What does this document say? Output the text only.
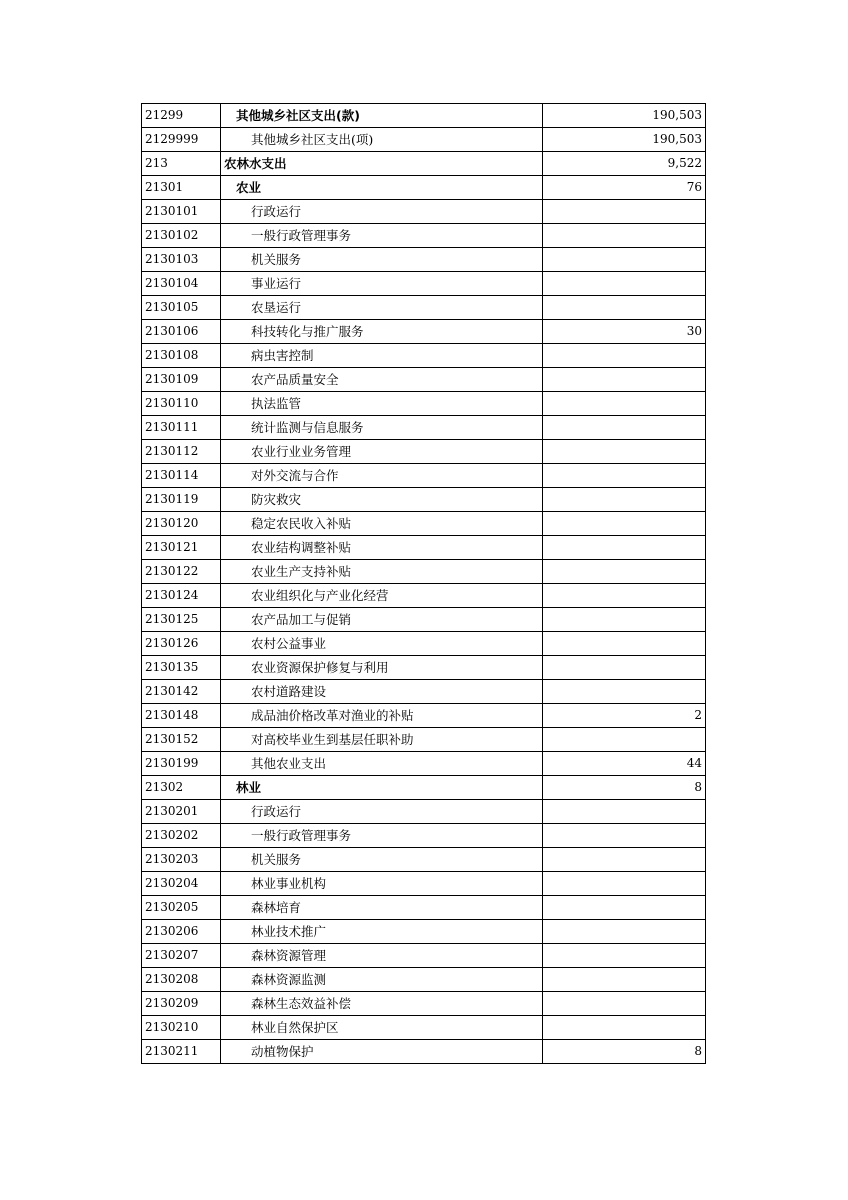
21299	其他城乡社区支出(款)	190,503
2129999	其他城乡社区支出(项)	190,503
213	农林水支出	9,522
21301	农业	76
2130101	行政运行	
2130102	一般行政管理事务	
2130103	机关服务	
2130104	事业运行	
2130105	农垦运行	
2130106	科技转化与推广服务	30
2130108	病虫害控制	
2130109	农产品质量安全	
2130110	执法监管	
2130111	统计监测与信息服务	
2130112	农业行业业务管理	
2130114	对外交流与合作	
2130119	防灾救灾	
2130120	稳定农民收入补贴	
2130121	农业结构调整补贴	
2130122	农业生产支持补贴	
2130124	农业组织化与产业化经营	
2130125	农产品加工与促销	
2130126	农村公益事业	
2130135	农业资源保护修复与利用	
2130142	农村道路建设	
2130148	成品油价格改革对渔业的补贴	2
2130152	对高校毕业生到基层任职补助	
2130199	其他农业支出	44
21302	林业	8
2130201	行政运行	
2130202	一般行政管理事务	
2130203	机关服务	
2130204	林业事业机构	
2130205	森林培育	
2130206	林业技术推广	
2130207	森林资源管理	
2130208	森林资源监测	
2130209	森林生态效益补偿	
2130210	林业自然保护区	
2130211	动植物保护	8
